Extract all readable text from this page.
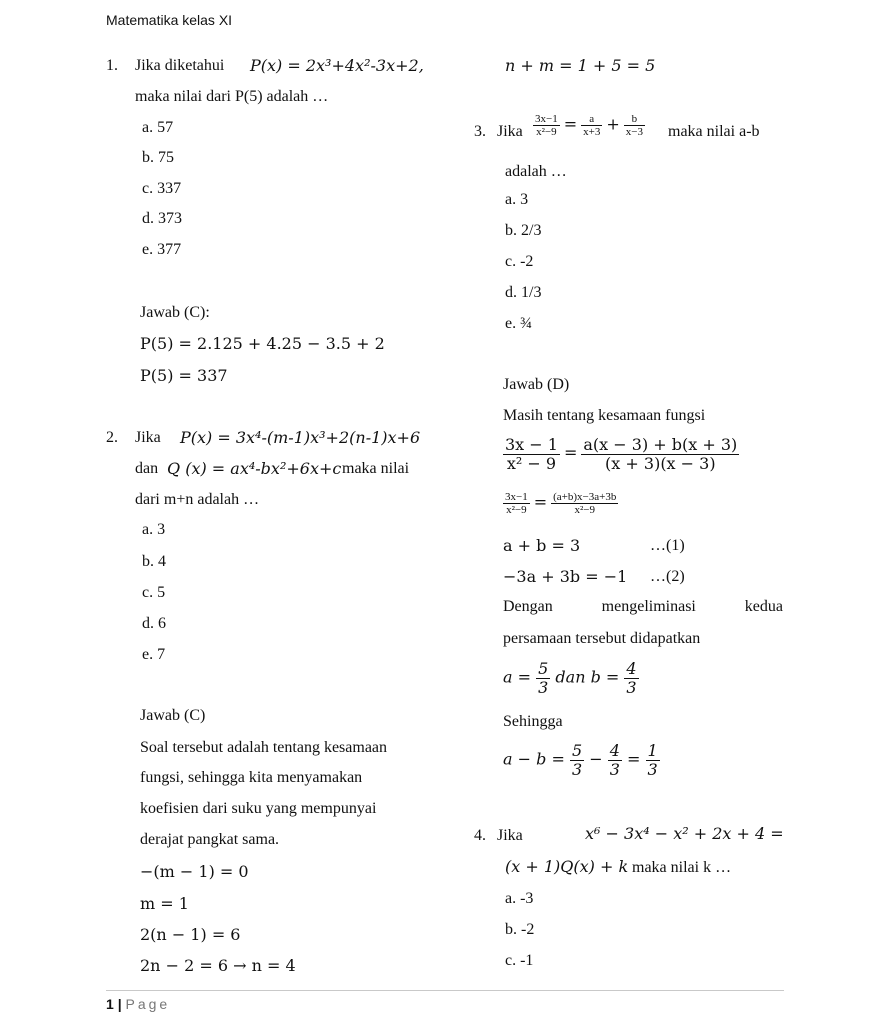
Matematika kelas XI
1. Jika diketahui P(x) = 2x³+4x²-3x+2,
maka nilai dari P(5) adalah …
a. 57
b. 75
c. 337
d. 373
e. 377
Jawab (C):
P(5) = 2.125 + 4.25 − 3.5 + 2
P(5) = 337
2. Jika P(x) = 3x⁴-(m-1)x³+2(n-1)x+6
dan Q (x) = ax⁴-bx²+6x+c maka nilai
dari m+n adalah …
a. 3
b. 4
c. 5
d. 6
e. 7
Jawab (C)
Soal tersebut adalah tentang kesamaan
fungsi, sehingga kita menyamakan
koefisien dari suku yang mempunyai
derajat pangkat sama.
−(m − 1) = 0
m = 1
2(n − 1) = 6
2n − 2 = 6 → n = 4
n + m = 1 + 5 = 5
3. Jika $\frac{3x-1}{\text{x²−9}} = \frac{a}{x+3} + \frac{b}{x-3}$ maka nilai a-b
adalah …
a. 3
b. 2/3
c. -2
d. 1/3
e. ¾
Jawab (D)
Masih tentang kesamaan fungsi
$\frac{3x - 1}{\text{x² − 9}} = \frac{a(x - 3) + b(x + 3)}{(x + 3)(x - 3)}$
$\frac{3x-1}{\text{x²−9}} = \frac{(a+b)x-3a+3b}{\text{x²−9}}$
a + b = 3	…(1)
−3a + 3b = −1 …(2)
Dengan	mengeliminasi	kedua
persamaan tersebut didapatkan
$a = \frac{5}{3}$ dan $b = \frac{4}{3}$
Sehingga
$a - b = \frac{5}{3} - \frac{4}{3} = \frac{1}{3}$
4. Jika	x⁶ − 3x⁴ − x² + 2x + 4 =
(x + 1)Q(x) + k maka nilai k …
a. -3
b. -2
c. -1
1 | Page
